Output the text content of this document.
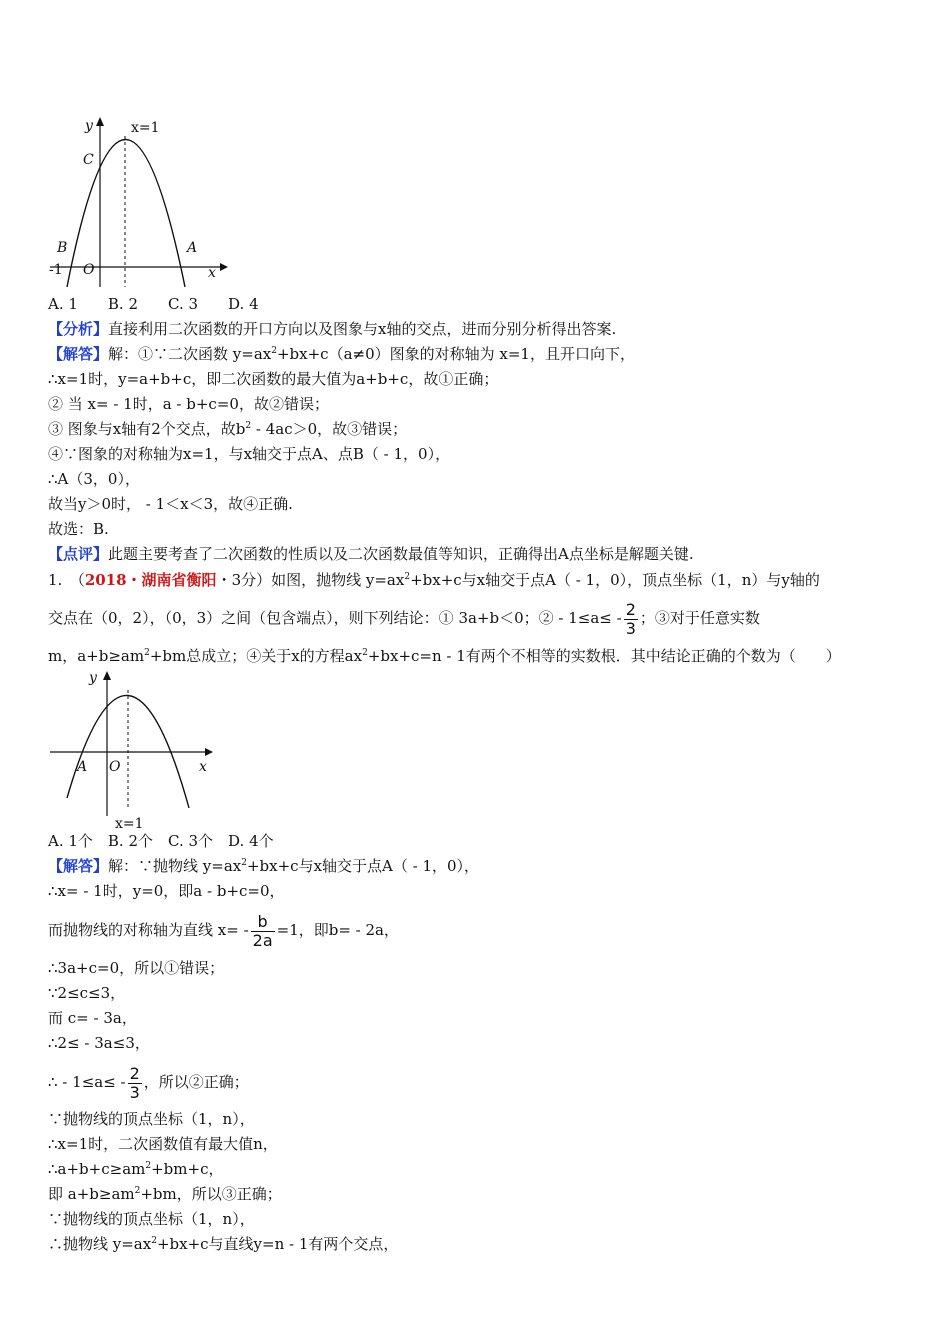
y	x=1
C
B	A
O
-1	x
A. 1　　B. 2　　C. 3　　D. 4
【分析】直接利用二次函数的开口方向以及图象与x轴的交点，进而分别分析得出答案.
【解答】解：①∵二次函数 $y=ax^2+bx+c(a\ne 0)$图象的对称轴为 x=1，且开口向下，
∴x=1时，y=a+b+c，即二次函数的最大值为a+b+c，故①正确；
② 当 x= - 1时，a - b+c=0，故②错误；
③ 图象与x轴有2个交点，故$b^2 - 4ac>0$，故③错误；
④∵图象的对称轴为x=1，与x轴交于点A、点B（ - 1，0），
∴A（3，0），
故当y＞0时， - 1＜x＜3，故④正确.
故选：B.
【点评】此题主要考查了二次函数的性质以及二次函数最值等知识，正确得出A点坐标是解题关键.
1.　（2018・湖南省衡阳・3分）如图，抛物线 $y=ax^2+bx+c$与x轴交于点A（ - 1，0），顶点坐标（1，n）与y轴的
交点在（0，2），（0，3）之间（包含端点），则下列结论：① 3a+b＜0；② - $1\le a\le - \frac{2}{3}$ ；③对于任意实数
m，$a+b\ge am^2+bm$总成立；④关于x的方程$ax^2+bx+c=n - 1$有两个不相等的实数根．其中结论正确的个数为（　　）
y
A O	x
x=1
A. 1个　B. 2个　C. 3个　D. 4个
【解答】解：∵抛物线 $y=ax^2+bx+c$与x轴交于点A（ - 1，0），
∴x= - 1时，y=0，即a - b+c=0，
而抛物线的对称轴为直线 $x= - \frac{b}{2a} =1$，即b= - 2a，
∴3a+c=0，所以①错误；
∵2≤c≤3，
而 c= - 3a，
∴2≤ - 3a≤3，
∴ - $1\le a\le - \frac{2}{3}$ ，所以②正确；
∵抛物线的顶点坐标（1，n），
∴x=1时，二次函数值有最大值n，
$\therefore a+b+c\ge am^2+bm+c$，
即 $a+b\ge am^2+bm$，所以③正确；
∵抛物线的顶点坐标（1，n），
∴抛物线 $y=ax^2+bx+c$与直线y=n - 1有两个交点，
